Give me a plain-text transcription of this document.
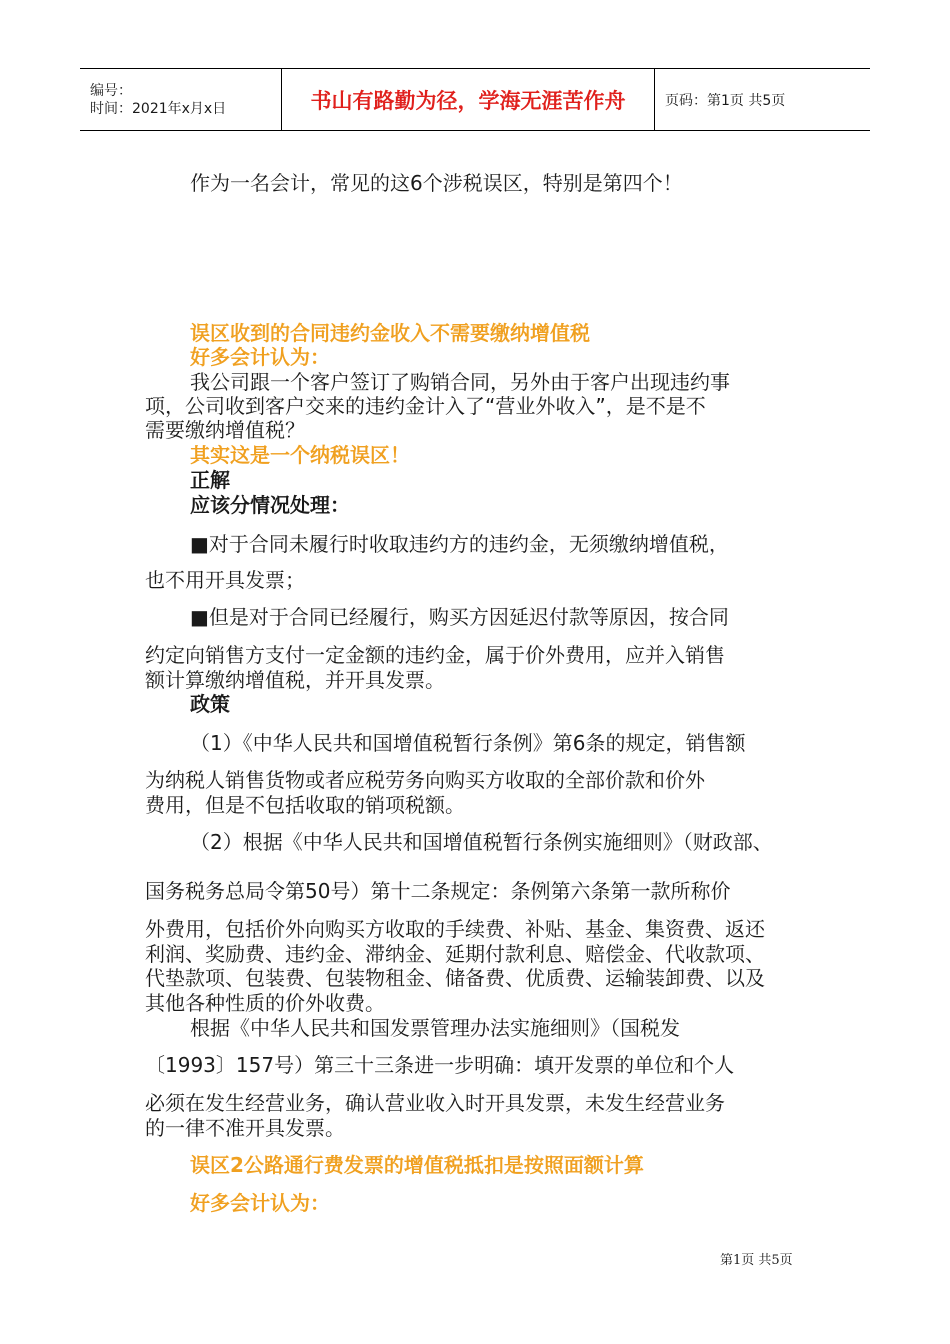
编号：
时间：2021年x月x日	书山有路勤为径，学海无涯苦作舟	页码：第1页 共5页

作为一名会计，常见的这6个涉税误区，特别是第四个！

误区收到的合同违约金收入不需要缴纳增值税

好多会计认为：

我公司跟一个客户签订了购销合同，另外由于客户出现违约事

项，公司收到客户交来的违约金计入了“营业外收入”，是不是不

需要缴纳增值税？

其实这是一个纳税误区！

正解

应该分情况处理：

■对于合同未履行时收取违约方的违约金，无须缴纳增值税，

也不用开具发票；

■但是对于合同已经履行，购买方因延迟付款等原因，按合同

约定向销售方支付一定金额的违约金，属于价外费用，应并入销售

额计算缴纳增值税，并开具发票。

政策

（1）《中华人民共和国增值税暂行条例》第6条的规定，销售额

为纳税人销售货物或者应税劳务向购买方收取的全部价款和价外

费用，但是不包括收取的销项税额。

（2）根据《中华人民共和国增值税暂行条例实施细则》（财政部、

国务税务总局令第50号）第十二条规定：条例第六条第一款所称价

外费用，包括价外向购买方收取的手续费、补贴、基金、集资费、返还

利润、奖励费、违约金、滞纳金、延期付款利息、赔偿金、代收款项、

代垫款项、包装费、包装物租金、储备费、优质费、运输装卸费、以及

其他各种性质的价外收费。

根据《中华人民共和国发票管理办法实施细则》（国税发

〔1993〕157号）第三十三条进一步明确：填开发票的单位和个人

必须在发生经营业务，确认营业收入时开具发票，未发生经营业务

的一律不准开具发票。

误区2公路通行费发票的增值税抵扣是按照面额计算

好多会计认为：

第1页 共5页
